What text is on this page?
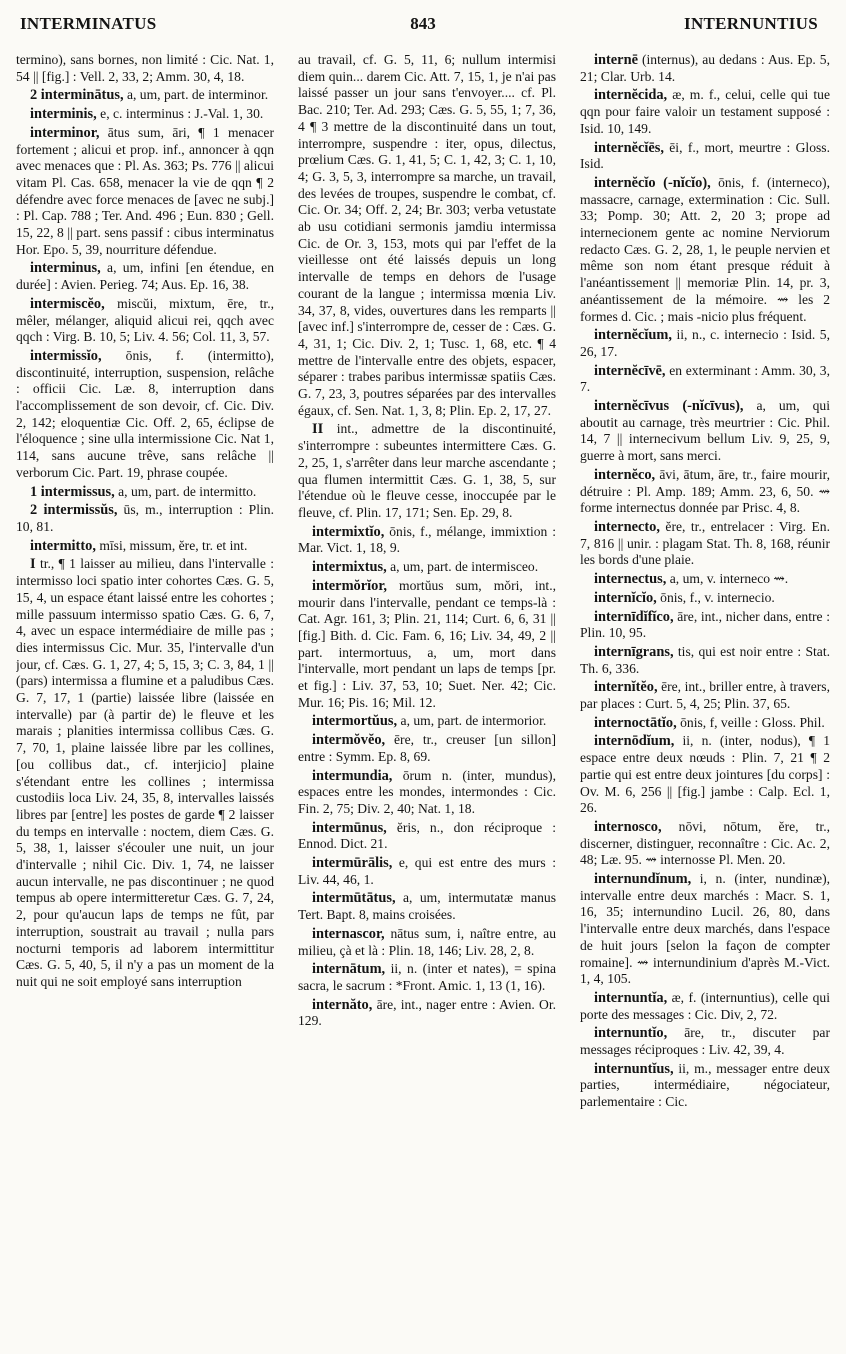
INTERMINATUS	843	INTERNUNTIUS

termino), sans bornes, non limité : Cic. Nat. 1, 54 || [fig.] : Vell. 2, 33, 2; Amm. 30, 4, 18.

2 interminātus, a, um, part. de interminor.

interminis, e, c. interminus : J.-Val. 1, 30.

interminor, ātus sum, āri, ¶ 1 menacer fortement ; alicui et prop. inf., annoncer à qqn avec menaces que : Pl. As. 363; Ps. 776 || alicui vitam Pl. Cas. 658, menacer la vie de qqn ¶ 2 défendre avec force menaces de [avec ne subj.] : Pl. Cap. 788 ; Ter. And. 496 ; Eun. 830 ; Gell. 15, 22, 8 || part. sens passif : cibus interminatus Hor. Epo. 5, 39, nourriture défendue.

interminus, a, um, infini [en étendue, en durée] : Avien. Perieg. 74; Aus. Ep. 16, 38.

intermiscĕo, miscŭi, mixtum, ēre, tr., mêler, mélanger, aliquid alicui rei, qqch avec qqch : Virg. B. 10, 5; Liv. 4. 56; Col. 11, 3, 57.

intermissĭo, ōnis, f. (intermitto), discontinuité, interruption, suspension, relâche : officii Cic. Læ. 8, interruption dans l'accomplissement de son devoir, cf. Cic. Div. 2, 142; eloquentiæ Cic. Off. 2, 65, éclipse de l'éloquence ; sine ulla intermissione Cic. Nat 1, 114, sans aucune trêve, sans relâche || verborum Cic. Part. 19, phrase coupée.

1 intermissus, a, um, part. de intermitto.

2 intermissŭs, ūs, m., interruption : Plin. 10, 81.

intermitto, mīsi, missum, ĕre, tr. et int.

I tr., ¶ 1 laisser au milieu, dans l'intervalle : intermisso loci spatio inter cohortes Cæs. G. 5, 15, 4, un espace étant laissé entre les cohortes ; mille passuum intermisso spatio Cæs. G. 6, 7, 4, avec un espace intermédiaire de mille pas ; dies intermissus Cic. Mur. 35, l'intervalle d'un jour, cf. Cæs. G. 1, 27, 4; 5, 15, 3; C. 3, 84, 1 || (pars) intermissa a flumine et a paludibus Cæs. G. 7, 17, 1 (partie) laissée libre (laissée en intervalle) par (à partir de) le fleuve et les marais ; planities intermissa collibus Cæs. G. 7, 70, 1, plaine laissée libre par les collines, [ou collibus dat., cf. interjicio] plaine s'étendant entre les collines ; intermissa custodiis loca Liv. 24, 35, 8, intervalles laissés libres par [entre] les postes de garde ¶ 2 laisser du temps en intervalle : noctem, diem Cæs. G. 5, 38, 1, laisser s'écouler une nuit, un jour d'intervalle ; nihil Cic. Div. 1, 74, ne laisser aucun intervalle, ne pas discontinuer ; ne quod tempus ab opere intermitteretur Cæs. G. 7, 24, 2, pour qu'aucun laps de temps ne fût, par interruption, soustrait au travail ; nulla pars nocturni temporis ad laborem intermittitur Cæs. G. 5, 40, 5, il n'y a pas un moment de la nuit qui ne soit employé sans interruption

au travail, cf. G. 5, 11, 6; nullum intermisi diem quin... darem Cic. Att. 7, 15, 1, je n'ai pas laissé passer un jour sans t'envoyer.... cf. Pl. Bac. 210; Ter. Ad. 293; Cæs. G. 5, 55, 1; 7, 36, 4 ¶ 3 mettre de la discontinuité dans un tout, interrompre, suspendre : iter, opus, dilectus, prœlium Cæs. G. 1, 41, 5; C. 1, 42, 3; C. 1, 10, 4; G. 3, 5, 3, interrompre sa marche, un travail, des levées de troupes, suspendre le combat, cf. Cic. Or. 34; Off. 2, 24; Br. 303; verba vetustate ab usu cotidiani sermonis jamdiu intermissa Cic. de Or. 3, 153, mots qui par l'effet de la vieillesse ont été laissés depuis un long intervalle de temps en dehors de l'usage courant de la langue ; intermissa mœnia Liv. 34, 37, 8, vides, ouvertures dans les remparts || [avec inf.] s'interrompre de, cesser de : Cæs. G. 4, 31, 1; Cic. Div. 2, 1; Tusc. 1, 68, etc. ¶ 4 mettre de l'intervalle entre des objets, espacer, séparer : trabes paribus intermissæ spatiis Cæs. G. 7, 23, 3, poutres séparées par des intervalles égaux, cf. Sen. Nat. 1, 3, 8; Plin. Ep. 2, 17, 27.

II int., admettre de la discontinuité, s'interrompre : subeuntes intermittere Cæs. G. 2, 25, 1, s'arrêter dans leur marche ascendante ; qua flumen intermittit Cæs. G. 1, 38, 5, sur l'étendue où le fleuve cesse, inoccupée par le fleuve, cf. Plin. 17, 171; Sen. Ep. 29, 8.

intermixtĭo, ōnis, f., mélange, immixtion : Mar. Vict. 1, 18, 9.

intermixtus, a, um, part. de intermisceo.

intermŏrĭor, mortŭus sum, mŏri, int., mourir dans l'intervalle, pendant ce temps-là : Cat. Agr. 161, 3; Plin. 21, 114; Curt. 6, 6, 31 || [fig.] Bith. d. Cic. Fam. 6, 16; Liv. 34, 49, 2 || part. intermortuus, a, um, mort dans l'intervalle, mort pendant un laps de temps [pr. et fig.] : Liv. 37, 53, 10; Suet. Ner. 42; Cic. Mur. 16; Pis. 16; Mil. 12.

intermortŭus, a, um, part. de intermorior.

intermŏvĕo, ēre, tr., creuser [un sillon] entre : Symm. Ep. 8, 69.

intermundia, ōrum n. (inter, mundus), espaces entre les mondes, intermondes : Cic. Fin. 2, 75; Div. 2, 40; Nat. 1, 18.

intermūnus, ĕris, n., don réciproque : Ennod. Dict. 21.

intermūrālis, e, qui est entre des murs : Liv. 44, 46, 1.

intermūtātus, a, um, intermutatæ manus Tert. Bapt. 8, mains croisées.

internascor, nātus sum, i, naître entre, au milieu, çà et là : Plin. 18, 146; Liv. 28, 2, 8.

internātum, ii, n. (inter et nates), = spina sacra, le sacrum : *Front. Amic. 1, 13 (1, 16).

internăto, āre, int., nager entre : Avien. Or. 129.

internē (internus), au dedans : Aus. Ep. 5, 21; Clar. Urb. 14.

internĕcida, æ, m. f., celui, celle qui tue qqn pour faire valoir un testament supposé : Isid. 10, 149.

internĕcĭēs, ēi, f., mort, meurtre : Gloss. Isid.

internĕcĭo (-nĭcĭo), ōnis, f. (interneco), massacre, carnage, extermination : Cic. Sull. 33; Pomp. 30; Att. 2, 20 3; prope ad internecionem gente ac nomine Nerviorum redacto Cæs. G. 2, 28, 1, le peuple nervien et même son nom étant presque réduit à l'anéantissement || memoriæ Plin. 14, pr. 3, anéantissement de la mémoire. ⇝ les 2 formes d. Cic. ; mais -nicio plus fréquent.

internĕcĭum, ii, n., c. internecio : Isid. 5, 26, 17.

internĕcīvē, en exterminant : Amm. 30, 3, 7.

internĕcīvus (-nĭcīvus), a, um, qui aboutit au carnage, très meurtrier : Cic. Phil. 14, 7 || internecivum bellum Liv. 9, 25, 9, guerre à mort, sans merci.

internĕco, āvi, ātum, āre, tr., faire mourir, détruire : Pl. Amp. 189; Amm. 23, 6, 50. ⇝ forme internectus donnée par Prisc. 4, 8.

internecto, ĕre, tr., entrelacer : Virg. En. 7, 816 || unir. : plagam Stat. Th. 8, 168, réunir les bords d'une plaie.

internectus, a, um, v. interneco ⇝.

internĭcĭo, ōnis, f., v. internecio.

internīdĭfĭco, āre, int., nicher dans, entre : Plin. 10, 95.

internīgrans, tis, qui est noir entre : Stat. Th. 6, 336.

internĭtĕo, ēre, int., briller entre, à travers, par places : Curt. 5, 4, 25; Plin. 37, 65.

internoctātĭo, ōnis, f, veille : Gloss. Phil.

internōdĭum, ii, n. (inter, nodus), ¶ 1 espace entre deux nœuds : Plin. 7, 21 ¶ 2 partie qui est entre deux jointures [du corps] : Ov. M. 6, 256 || [fig.] jambe : Calp. Ecl. 1, 26.

internosco, nōvi, nōtum, ĕre, tr., discerner, distinguer, reconnaître : Cic. Ac. 2, 48; Læ. 95. ⇝ internosse Pl. Men. 20.

internundĭnum, i, n. (inter, nundinæ), intervalle entre deux marchés : Macr. S. 1, 16, 35; internundino Lucil. 26, 80, dans l'intervalle entre deux marchés, dans l'espace de huit jours [selon la façon de compter romaine]. ⇝ internundinium d'après M.-Vict. 1, 4, 105.

internuntĭa, æ, f. (internuntius), celle qui porte des messages : Cic. Div, 2, 72.

internuntĭo, āre, tr., discuter par messages réciproques : Liv. 42, 39, 4.

internuntĭus, ii, m., messager entre deux parties, intermédiaire, négociateur, parlementaire : Cic.
